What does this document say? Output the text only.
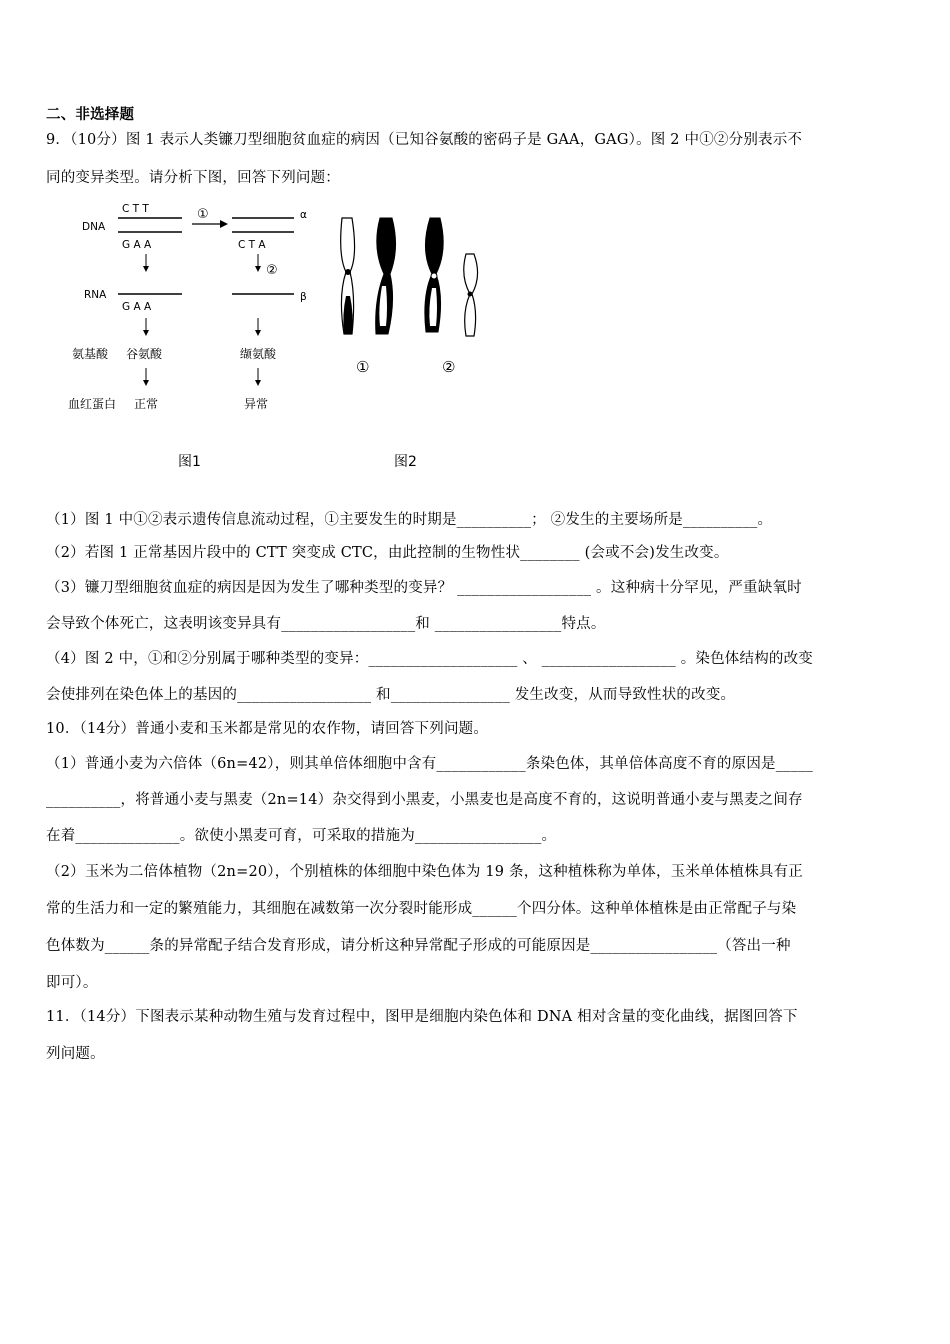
二、非选择题
9．（10分）图 1 表示人类镰刀型细胞贫血症的病因（已知谷氨酸的密码子是 GAA，GAG）。图 2 中①②分别表示不
同的变异类型。请分析下图，回答下列问题：
DNA
C T T
G A A
①	α
C T A
②
RNA
G A A
β
氨基酸 谷氨酸	缬氨酸
血红蛋白 正常	异常
图1
①	②
图2
（1）图 1 中①②表示遗传信息流动过程，①主要发生的时期是__________； ②发生的主要场所是__________。
（2）若图 1 正常基因片段中的 CTT 突变成 CTC，由此控制的生物性状________ (会或不会)发生改变。
（3）镰刀型细胞贫血症的病因是因为发生了哪种类型的变异？ __________________ 。这种病十分罕见，严重缺氧时
会导致个体死亡，这表明该变异具有__________________和 _________________特点。
（4）图 2 中，①和②分别属于哪种类型的变异：____________________ 、 __________________ 。染色体结构的改变
会使排列在染色体上的基因的__________________ 和________________ 发生改变，从而导致性状的改变。
10．（14分）普通小麦和玉米都是常见的农作物，请回答下列问题。
（1）普通小麦为六倍体（6n=42），则其单倍体细胞中含有____________条染色体，其单倍体高度不育的原因是_____
__________，将普通小麦与黑麦（2n=14）杂交得到小黑麦，小黑麦也是高度不育的，这说明普通小麦与黑麦之间存
在着______________。欲使小黑麦可育，可采取的措施为_________________。
（2）玉米为二倍体植物（2n=20），个别植株的体细胞中染色体为 19 条，这种植株称为单体，玉米单体植株具有正
常的生活力和一定的繁殖能力，其细胞在减数第一次分裂时能形成______个四分体。这种单体植株是由正常配子与染
色体数为______条的异常配子结合发育形成，请分析这种异常配子形成的可能原因是_________________（答出一种
即可）。
11．（14分）下图表示某种动物生殖与发育过程中，图甲是细胞内染色体和 DNA 相对含量的变化曲线，据图回答下
列问题。
